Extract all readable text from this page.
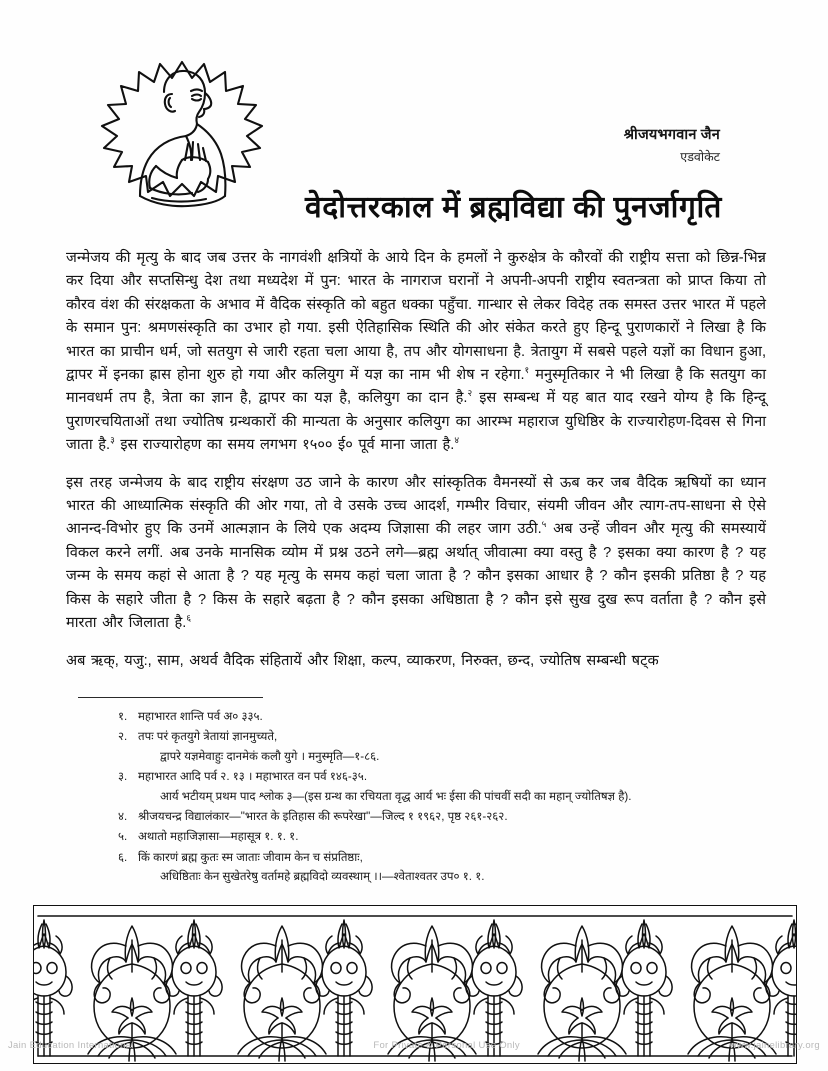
श्रीजयभगवान जैन
एडवोकेट
वेदोत्तरकाल में ब्रह्मविद्या की पुनर्जागृति

जन्मेजय की मृत्यु के बाद जब उत्तर के नागवंशी क्षत्रियों के आये दिन के हमलों ने कुरुक्षेत्र के कौरवों की राष्ट्रीय सत्ता को छिन्न-भिन्न कर दिया और सप्तसिन्धु देश तथा मध्यदेश में पुन: भारत के नागराज घरानों ने अपनी-अपनी राष्ट्रीय स्वतन्त्रता को प्राप्त किया तो कौरव वंश की संरक्षकता के अभाव में वैदिक संस्कृति को बहुत धक्का पहुँचा. गान्धार से लेकर विदेह तक समस्त उत्तर भारत में पहले के समान पुन: श्रमणसंस्कृति का उभार हो गया. इसी ऐतिहासिक स्थिति की ओर संकेत करते हुए हिन्दू पुराणकारों ने लिखा है कि भारत का प्राचीन धर्म, जो सतयुग से जारी रहता चला आया है, तप और योगसाधना है. त्रेतायुग में सबसे पहले यज्ञों का विधान हुआ, द्वापर में इनका ह्रास होना शुरु हो गया और कलियुग में यज्ञ का नाम भी शेष न रहेगा.$^१$ मनुस्मृतिकार ने भी लिखा है कि सतयुग का मानवधर्म तप है, त्रेता का ज्ञान है, द्वापर का यज्ञ है, कलियुग का दान है.$^२$ इस सम्बन्ध में यह बात याद रखने योग्य है कि हिन्दू पुराणरचयिताओं तथा ज्योतिष ग्रन्थकारों की मान्यता के अनुसार कलियुग का आरम्भ महाराज युधिष्ठिर के राज्यारोहण-दिवस से गिना जाता है.$^३$ इस राज्यारोहण का समय लगभग १५०० ई० पूर्व माना जाता है.$^४$

इस तरह जन्मेजय के बाद राष्ट्रीय संरक्षण उठ जाने के कारण और सांस्कृतिक वैमनस्यों से ऊब कर जब वैदिक ऋषियों का ध्यान भारत की आध्यात्मिक संस्कृति की ओर गया, तो वे उसके उच्च आदर्श, गम्भीर विचार, संयमी जीवन और त्याग-तप-साधना से ऐसे आनन्द-विभोर हुए कि उनमें आत्मज्ञान के लिये एक अदम्य जिज्ञासा की लहर जाग उठी.$^५$ अब उन्हें जीवन और मृत्यु की समस्यायें विकल करने लगीं. अब उनके मानसिक व्योम में प्रश्न उठने लगे—ब्रह्म अर्थात् जीवात्मा क्या वस्तु है ? इसका क्या कारण है ? यह जन्म के समय कहां से आता है ? यह मृत्यु के समय कहां चला जाता है ? कौन इसका आधार है ? कौन इसकी प्रतिष्ठा है ? यह किस के सहारे जीता है ? किस के सहारे बढ़ता है ? कौन इसका अधिष्ठाता है ? कौन इसे सुख दुख रूप वर्ताता है ? कौन इसे मारता और जिलाता है.$^६$

अब ऋक्, यजु:, साम, अथर्व वैदिक संहितायें और शिक्षा, कल्प, व्याकरण, निरुक्त, छन्द, ज्योतिष सम्बन्धी षट्क

१. महाभारत शान्ति पर्व अ० ३३५.
२. तपः परं कृतयुगे त्रेतायां ज्ञानमुच्यते,
द्वापरे यज्ञमेवाहुः दानमेकं कलौ युगे । मनुस्मृति—१-८६.
३. महाभारत आदि पर्व २. १३ । महाभारत वन पर्व १४६-३५.
आर्य भटीयम् प्रथम पाद श्लोक ३—(इस ग्रन्थ का रचियता वृद्ध आर्य भः ईसा की पांचवीं सदी का महान् ज्योतिषज्ञ है).
४. श्रीजयचन्द्र विद्यालंकार—"भारत के इतिहास की रूपरेखा"—जिल्द १ १९६२, पृष्ठ २६१-२६२.
५. अथातो महाजिज्ञासा—महासूत्र १. १. १.
६. किं कारणं ब्रह्म कुतः स्म जाताः जीवाम केन च संप्रतिष्ठाः,
अधिष्ठिताः केन सुखेतरेषु वर्तामहे ब्रह्मविदो व्यवस्थाम् ।।—श्वेताश्वतर उप० १. १.
Jain Education International	For Private & Personal Use Only	www.jainelibrary.org
